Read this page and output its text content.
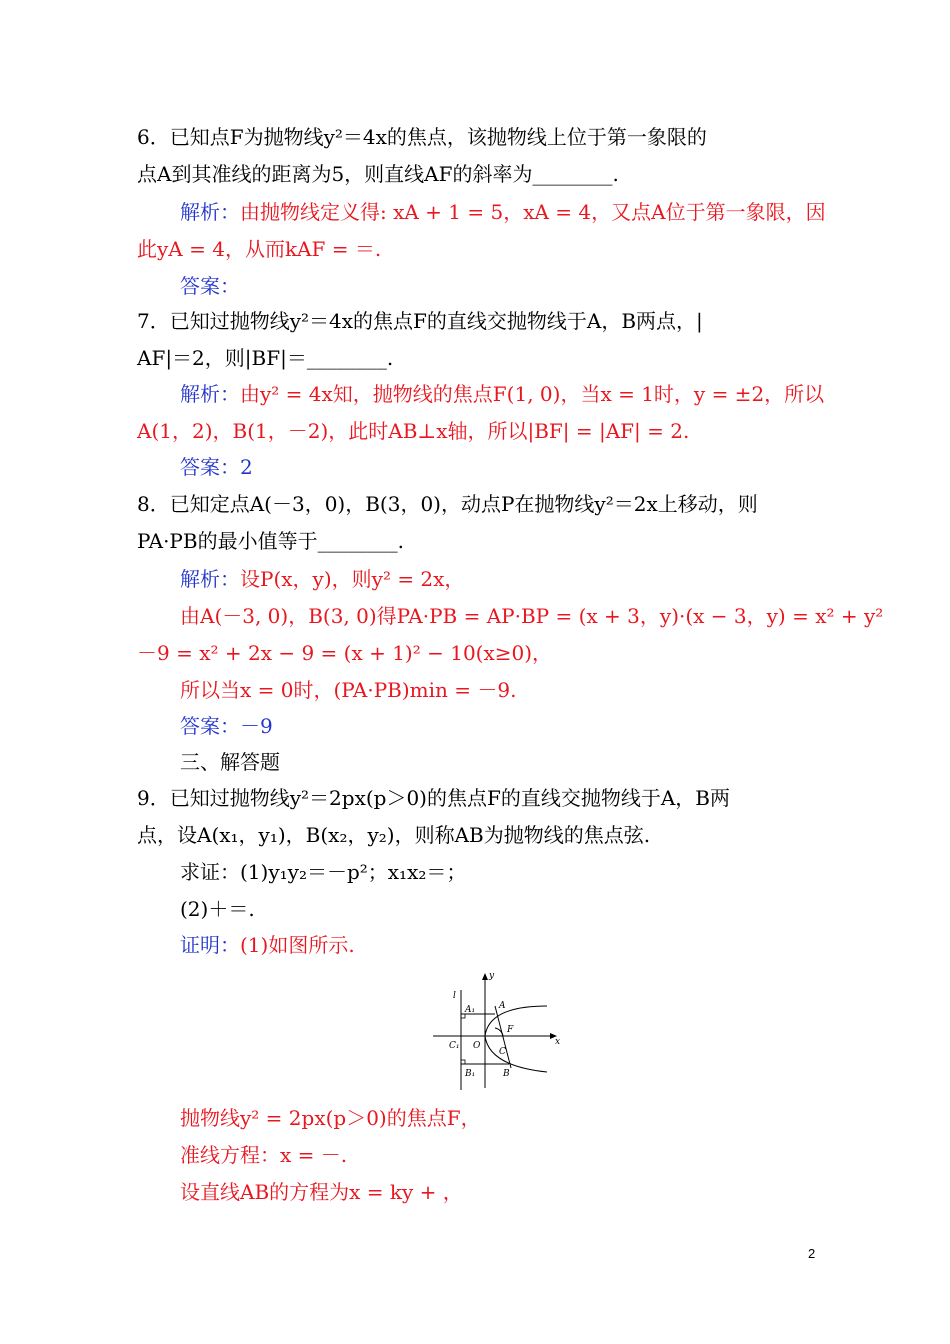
6．已知点F为抛物线y²＝4x的焦点，该抛物线上位于第一象限的
点A到其准线的距离为5，则直线AF的斜率为________.
解析：由抛物线定义得: xA + 1 = 5，xA = 4，又点A位于第一象限，因
此yA = 4，从而kAF = ＝.
答案：
7．已知过抛物线y²＝4x的焦点F的直线交抛物线于A，B两点，|
AF|＝2，则|BF|＝________.
解析：由y² = 4x知，抛物线的焦点F(1, 0)，当x = 1时，y = ±2，所以
A(1，2)，B(1，－2)，此时AB⊥x轴，所以|BF| = |AF| = 2.
答案：2
8．已知定点A(－3，0)，B(3，0)，动点P在抛物线y²＝2x上移动，则
PA·PB的最小值等于________.
解析：设P(x，y)，则y² = 2x，
由A(－3, 0)，B(3, 0)得PA·PB = AP·BP = (x + 3，y)·(x − 3，y) = x² + y²
－9 = x² + 2x − 9 = (x + 1)² − 10(x≥0)，
所以当x = 0时，(PA·PB)min = －9.
答案：－9
三、解答题
9．已知过抛物线y²＝2px(p＞0)的焦点F的直线交抛物线于A，B两
点，设A(x₁，y₁)，B(x₂，y₂)，则称AB为抛物线的焦点弦.
求证：(1)y₁y₂＝－p²；x₁x₂＝；
(2)＋＝.
证明：(1)如图所示.
y
x
l
A₁	A
F
C₁ O
C
B₁	B
抛物线y² = 2px(p＞0)的焦点F，
准线方程：x = －.
设直线AB的方程为x = ky + ，
2
